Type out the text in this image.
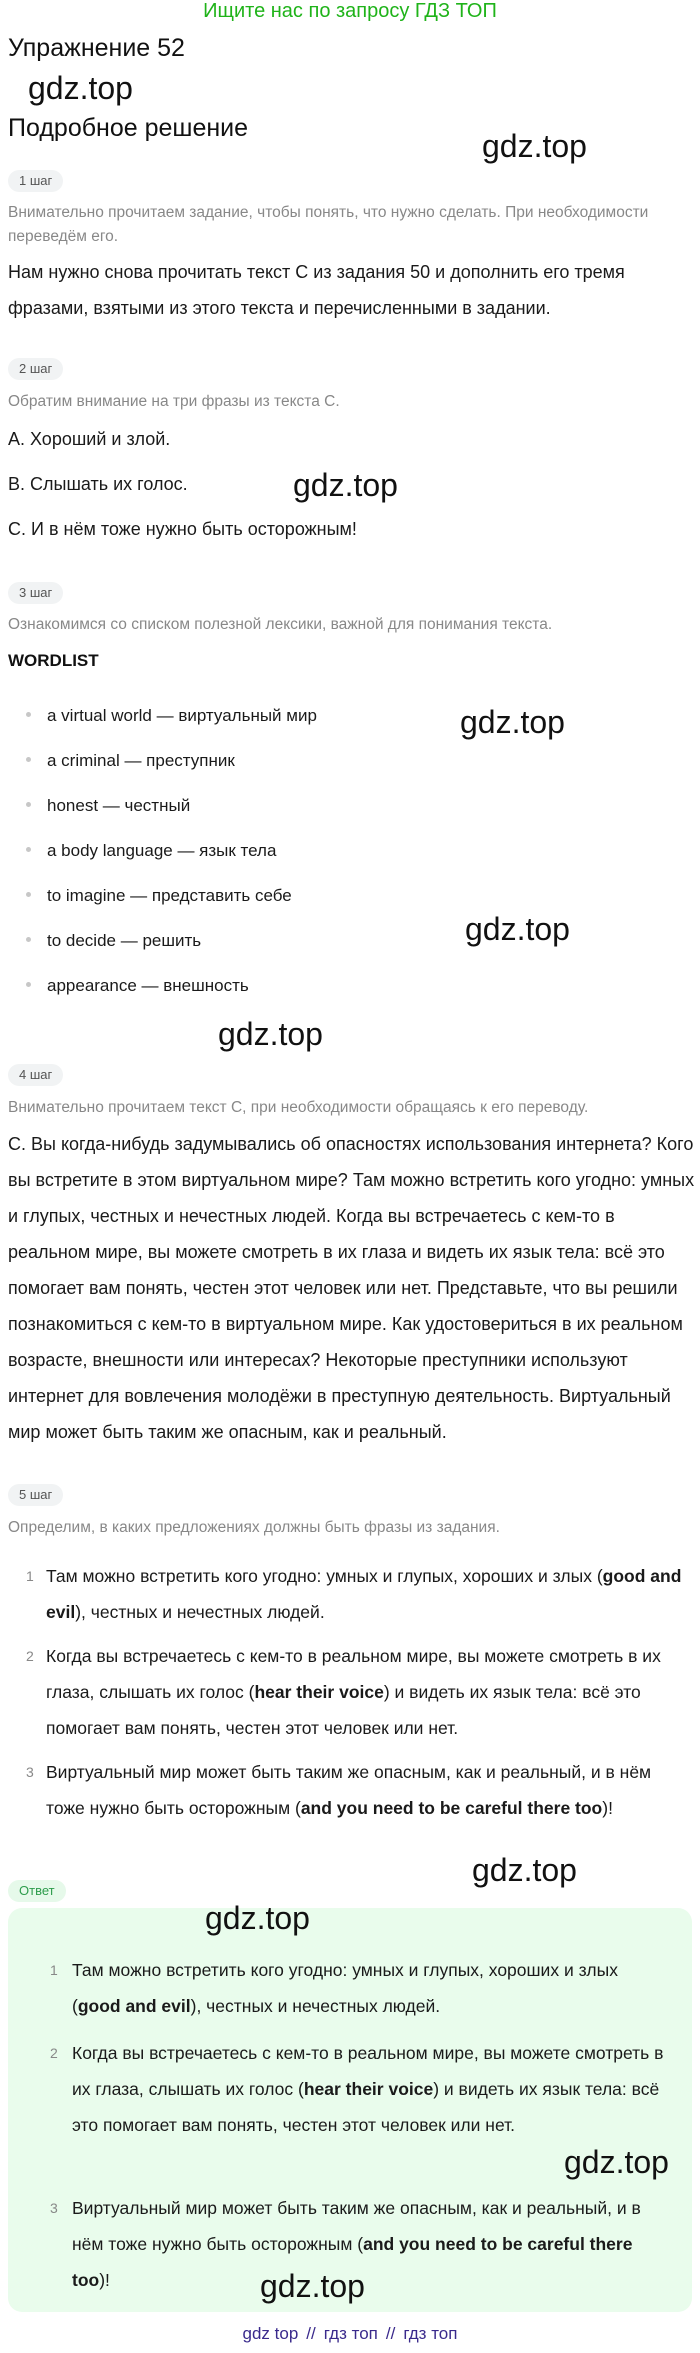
Ищите нас по запросу ГДЗ ТОП
Упражнение 52
gdz.top
Подробное решение	gdz.top
1 шаг
Внимательно прочитаем задание, чтобы понять, что нужно сделать. При необходимости переведём его.
Нам нужно снова прочитать текст C из задания 50 и дополнить его тремя фразами, взятыми из этого текста и перечисленными в задании.
2 шаг
Обратим внимание на три фразы из текста C.
A. Хороший и злой.
B. Слышать их голос.	gdz.top
C. И в нём тоже нужно быть осторожным!
3 шаг
Ознакомимся со списком полезной лексики, важной для понимания текста.
WORDLIST
gdz.top
a virtual world — виртуальный мир
a criminal — преступник
honest — честный
a body language — язык тела
to imagine — представить себе
gdz.top
to decide — решить
appearance — внешность
gdz.top
4 шаг
Внимательно прочитаем текст C, при необходимости обращаясь к его переводу.
C. Вы когда-нибудь задумывались об опасностях использования интернета? Кого вы встретите в этом виртуальном мире? Там можно встретить кого угодно: умных и глупых, честных и нечестных людей. Когда вы встречаетесь с кем-то в реальном мире, вы можете смотреть в их глаза и видеть их язык тела: всё это помогает вам понять, честен этот человек или нет. Представьте, что вы решили познакомиться с кем-то в виртуальном мире. Как удостовериться в их реальном возрасте, внешности или интересах? Некоторые преступники используют интернет для вовлечения молодёжи в преступную деятельность. Виртуальный мир может быть таким же опасным, как и реальный.
5 шаг
Определим, в каких предложениях должны быть фразы из задания.
1 Там можно встретить кого угодно: умных и глупых, хороших и злых (good and evil), честных и нечестных людей.
2 Когда вы встречаетесь с кем-то в реальном мире, вы можете смотреть в их глаза, слышать их голос (hear their voice) и видеть их язык тела: всё это помогает вам понять, честен этот человек или нет.
3 Виртуальный мир может быть таким же опасным, как и реальный, и в нём тоже нужно быть осторожным (and you need to be careful there too)!
gdz.top
Ответ
gdz.top
1 Там можно встретить кого угодно: умных и глупых, хороших и злых (good and evil), честных и нечестных людей.
2 Когда вы встречаетесь с кем-то в реальном мире, вы можете смотреть в их глаза, слышать их голос (hear their voice) и видеть их язык тела: всё это помогает вам понять, честен этот человек или нет.
gdz.top
3 Виртуальный мир может быть таким же опасным, как и реальный, и в нём тоже нужно быть осторожным (and you need to be careful there too)!	gdz.top
gdz top // гдз топ // гдз топ
